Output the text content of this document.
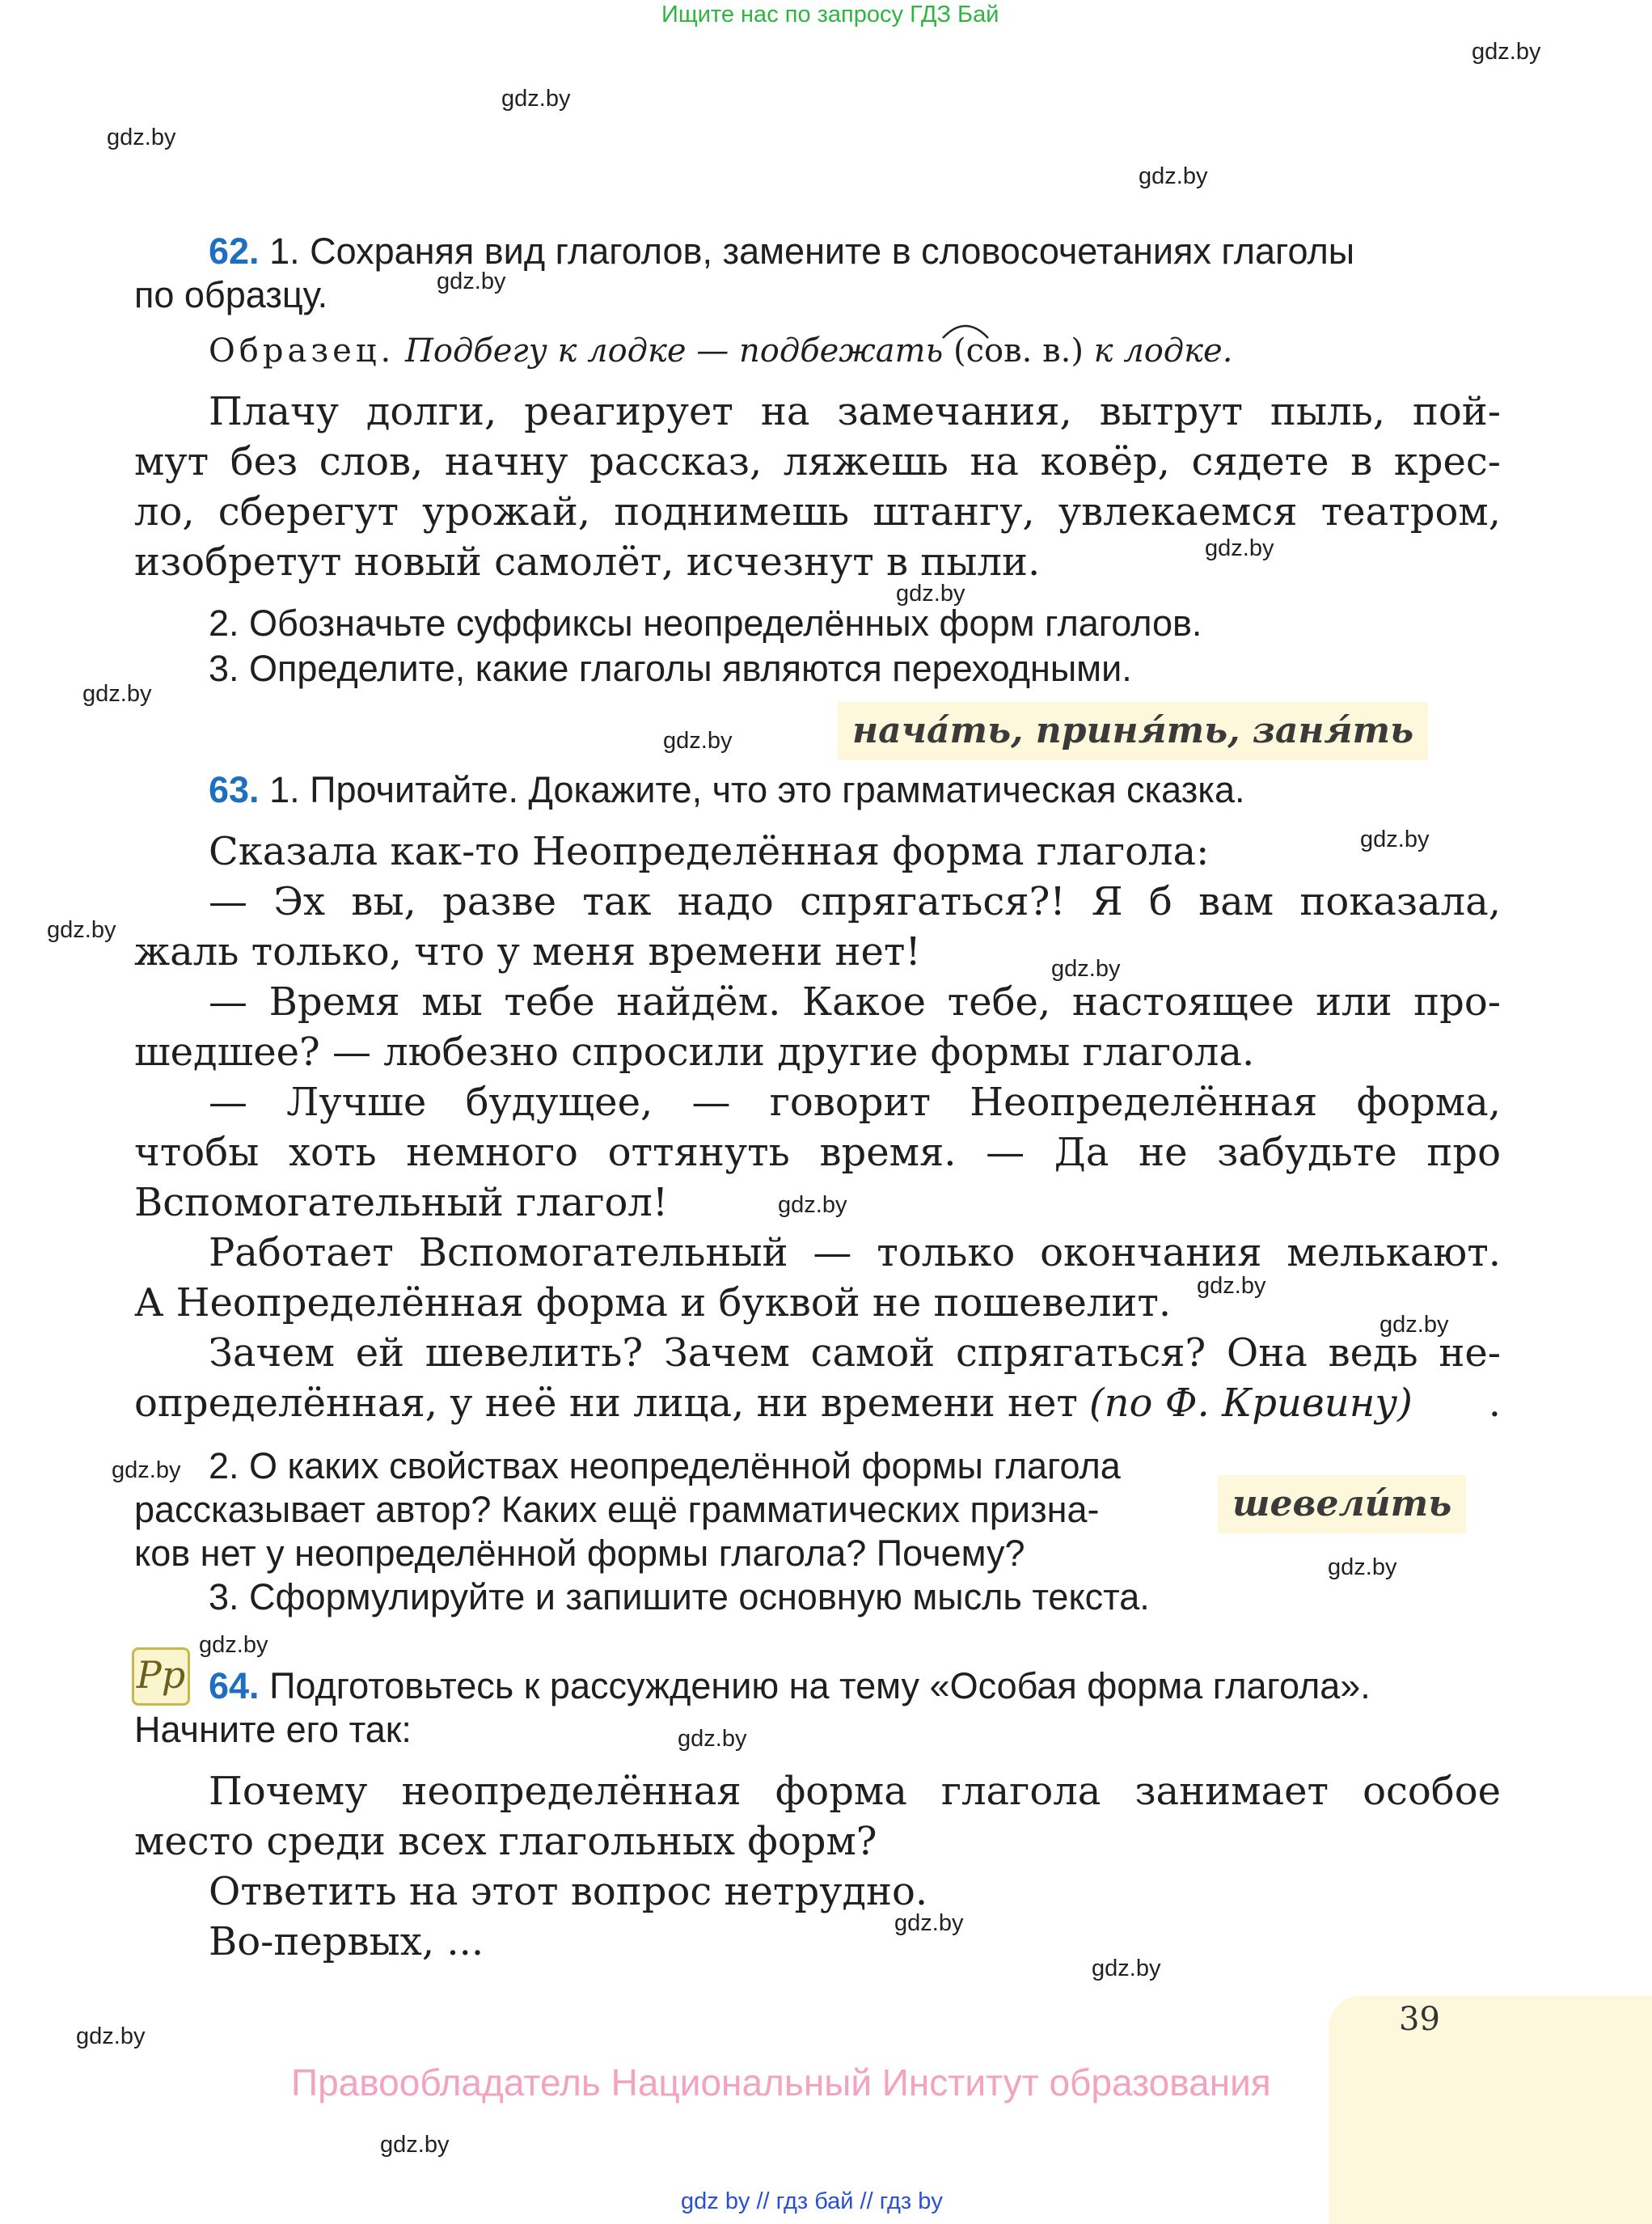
Ищите нас по запросу ГДЗ Бай
gdz.by
gdz.by
gdz.by
gdz.by
gdz.by
gdz.by
gdz.by
gdz.by
gdz.by
gdz.by
gdz.by
gdz.by
gdz.by
gdz.by
gdz.by
gdz.by
gdz.by
gdz.by
gdz.by
gdz.by
gdz.by
gdz.by
gdz.by
62. 1. Сохраняя вид глаголов, замените в словосочетаниях глаголы
по образцу.
Образец. Подбегу к лодке — подбежать (сов. в.) к лодке.
Плачу долги, реагирует на замечания, вытрут пыль, пой-
мут без слов, начну рассказ, ляжешь на ковёр, сядете в крес-
ло, сберегут урожай, поднимешь штангу, увлекаемся театром,
изобретут новый самолёт, исчезнут в пыли.
2. Обозначьте суффиксы неопределённых форм глаголов.
3. Определите, какие глаголы являются переходными.
нача́ть, приня́ть, заня́ть
63. 1. Прочитайте. Докажите, что это грамматическая сказка.
Сказала как-то Неопределённая форма глагола:
— Эх вы, разве так надо спрягаться?! Я б вам показала,
жаль только, что у меня времени нет!
— Время мы тебе найдём. Какое тебе, настоящее или про-
шедшее? — любезно спросили другие формы глагола.
— Лучше будущее, — говорит Неопределённая форма,
чтобы хоть немного оттянуть время. — Да не забудьте про
Вспомогательный глагол!
Работает Вспомогательный — только окончания мелькают.
А Неопределённая форма и буквой не пошевелит.
Зачем ей шевелить? Зачем самой спрягаться? Она ведь не-
определённая, у неё ни лица, ни времени нет (по Ф. Кривину) .
2. О каких свойствах неопределённой формы глагола
рассказывает автор? Каких ещё грамматических призна-
ков нет у неопределённой формы глагола? Почему?
3. Сформулируйте и запишите основную мысль текста.
шевели́ть
Рр 64. Подготовьтесь к рассуждению на тему «Особая форма глагола».
Начните его так:
Почему неопределённая форма глагола занимает особое
место среди всех глагольных форм?
Ответить на этот вопрос нетрудно.
Во-первых, ...
39
Правообладатель Национальный Институт образования
gdz by // гдз бай // гдз by
